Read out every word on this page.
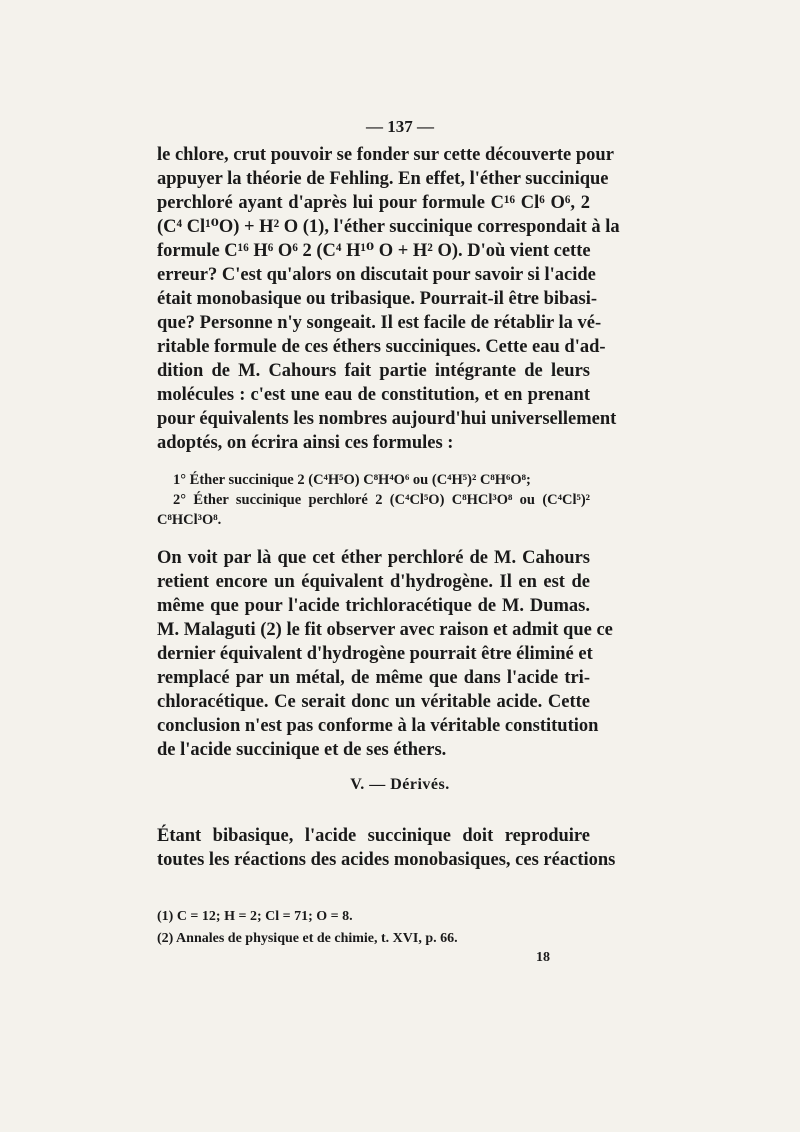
— 137 —
le chlore, crut pouvoir se fonder sur cette découverte pour
appuyer la théorie de Fehling. En effet, l'éther succinique
perchloré ayant d'après lui pour formule C¹⁶ Cl⁶ O⁶, 2
(C⁴ Cl¹⁰O) + H² O (1), l'éther succinique correspondait à la
formule C¹⁶ H⁶ O⁶ 2 (C⁴ H¹⁰ O + H² O). D'où vient cette
erreur? C'est qu'alors on discutait pour savoir si l'acide
était monobasique ou tribasique. Pourrait-il être bibasi-
que? Personne n'y songeait. Il est facile de rétablir la vé-
ritable formule de ces éthers succiniques. Cette eau d'ad-
dition de M. Cahours fait partie intégrante de leurs
molécules : c'est une eau de constitution, et en prenant
pour équivalents les nombres aujourd'hui universellement
adoptés, on écrira ainsi ces formules :
1° Éther succinique 2 (C⁴H⁵O) C⁸H⁴O⁶ ou (C⁴H⁵)² C⁸H⁶O⁸;
2° Éther succinique perchloré 2 (C⁴Cl⁵O) C⁸HCl³O⁸ ou (C⁴Cl⁵)²
C⁸HCl³O⁸.
On voit par là que cet éther perchloré de M. Cahours
retient encore un équivalent d'hydrogène. Il en est de
même que pour l'acide trichloracétique de M. Dumas.
M. Malaguti (2) le fit observer avec raison et admit que ce
dernier équivalent d'hydrogène pourrait être éliminé et
remplacé par un métal, de même que dans l'acide tri-
chloracétique. Ce serait donc un véritable acide. Cette
conclusion n'est pas conforme à la véritable constitution
de l'acide succinique et de ses éthers.
V. — Dérivés.
Étant bibasique, l'acide succinique doit reproduire
toutes les réactions des acides monobasiques, ces réactions
(1) C = 12; H = 2; Cl = 71; O = 8.
(2) Annales de physique et de chimie, t. XVI, p. 66.
18
